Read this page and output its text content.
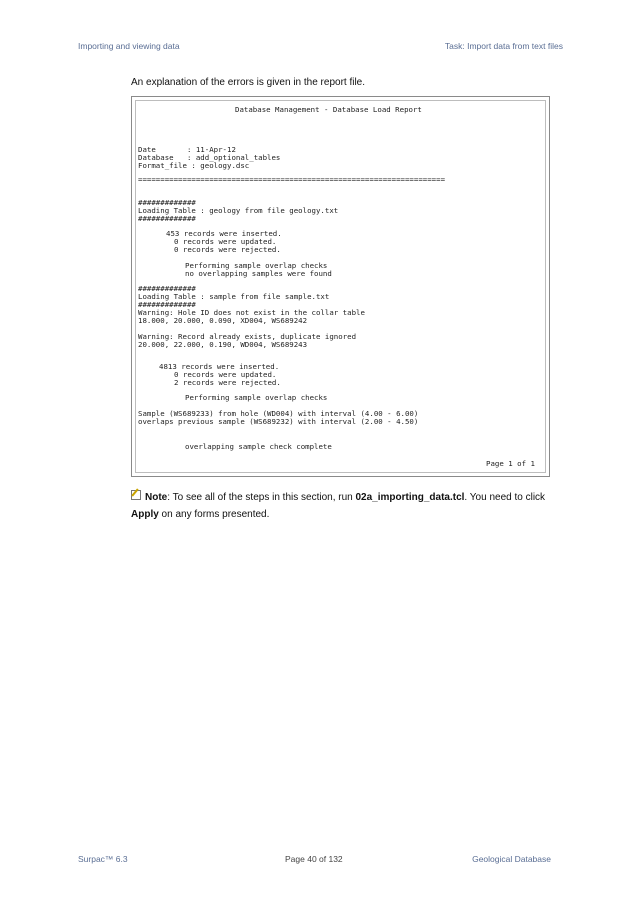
Importing and viewing data	Task: Import data from text files
An explanation of the errors is given in the report file.
Database Management - Database Load Report
Date       : 11-Apr-12
Database   : add_optional_tables
Format_file : geology.dsc
=====================================================================
#############
Loading Table : geology from file geology.txt
#############
453 records were inserted.
0 records were updated.
0 records were rejected.
Performing sample overlap checks
no overlapping samples were found
#############
Loading Table : sample from file sample.txt
#############
Warning: Hole ID does not exist in the collar table
18.000, 20.000, 0.090, XD004, WS689242
Warning: Record already exists, duplicate ignored
20.000, 22.000, 0.190, WD004, WS689243
4813 records were inserted.
0 records were updated.
2 records were rejected.
Performing sample overlap checks
Sample (WS689233) from hole (WD004) with interval (4.00 - 6.00)
overlaps previous sample (WS689232) with interval (2.00 - 4.50)
overlapping sample check complete
Page 1 of 1
Note: To see all of the steps in this section, run 02a_importing_data.tcl. You need to click Apply on any forms presented.
Surpac™ 6.3	Page 40 of 132	Geological Database
